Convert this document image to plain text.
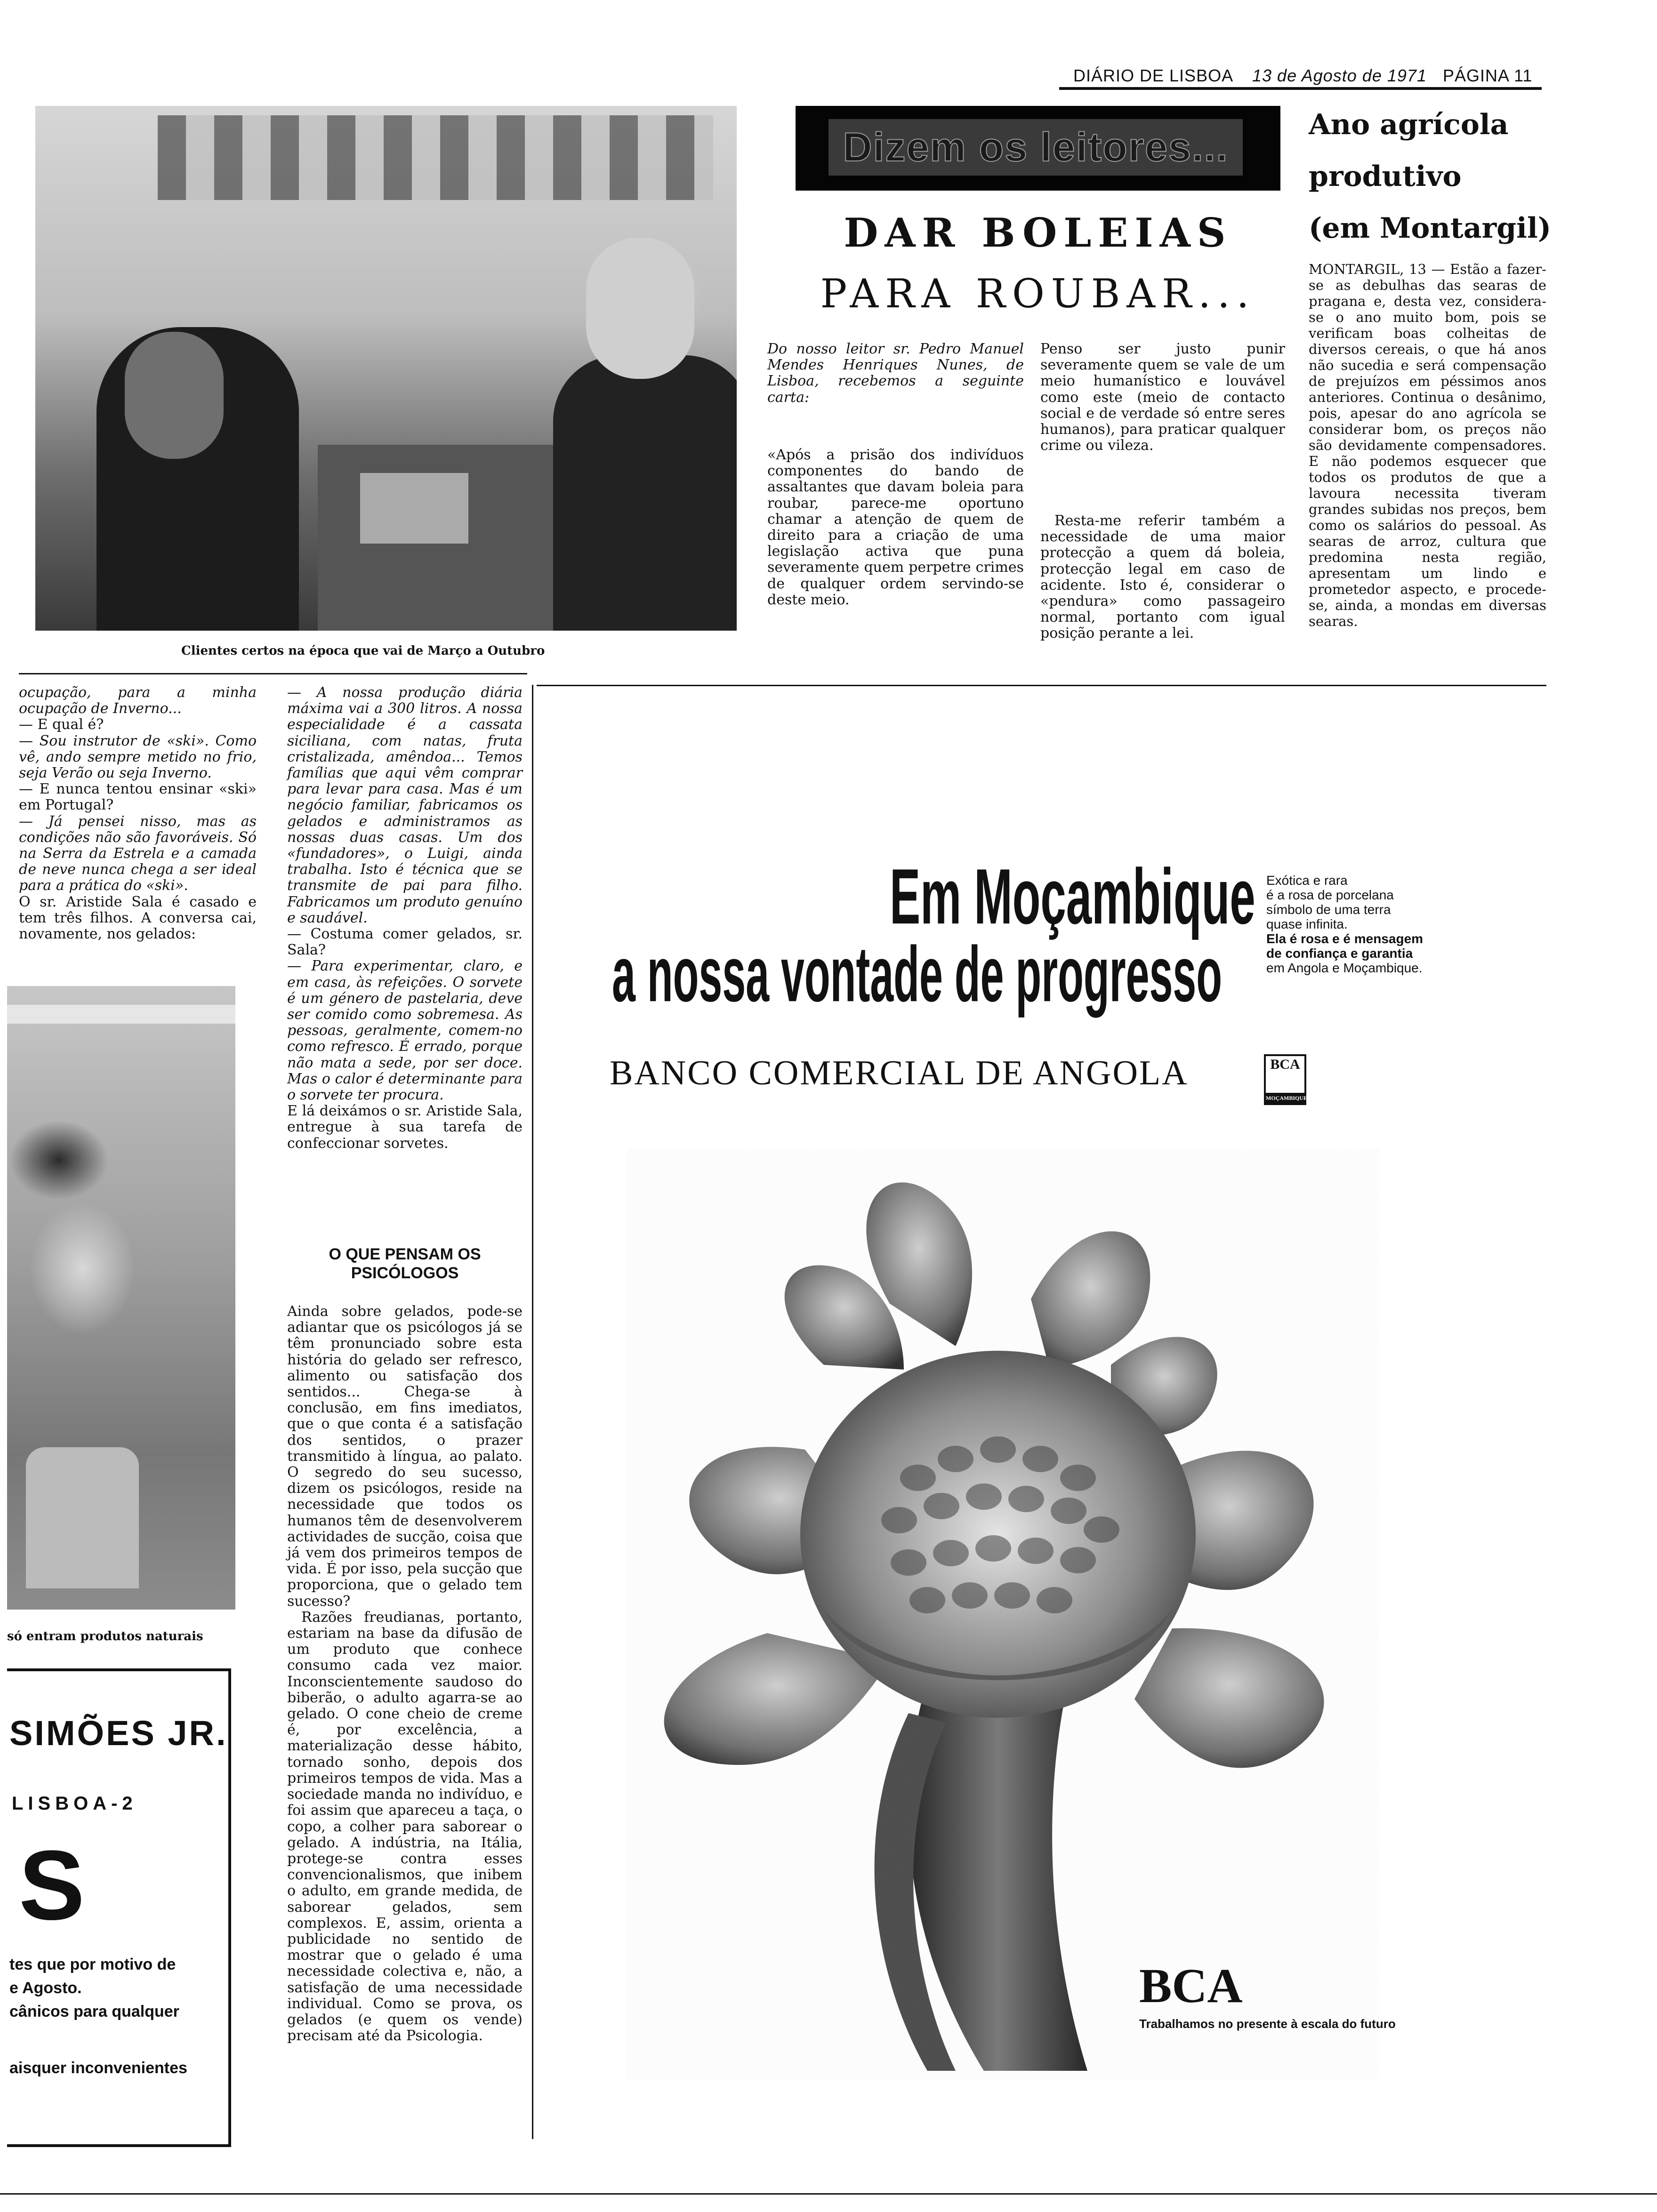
DIÁRIO DE LISBOA 13 de Agosto de 1971 PÁGINA 11
Clientes certos na época que vai de Março a Outubro

ocupação, para a minha ocupação de Inverno...

— E qual é?

— Sou instrutor de «ski». Como vê, ando sempre metido no frio, seja Verão ou seja Inverno.

— E nunca tentou ensinar «ski» em Portugal?

— Já pensei nisso, mas as condições não são favoráveis. Só na Serra da Estrela e a camada de neve nunca chega a ser ideal para a prática do «ski».

O sr. Aristide Sala é casado e tem três filhos. A conversa cai, novamente, nos gelados:

só entram produtos naturais

— A nossa produção diária máxima vai a 300 litros. A nossa especialidade é a cassata siciliana, com natas, fruta cristalizada, amêndoa... Temos famílias que aqui vêm comprar para levar para casa. Mas é um negócio familiar, fabricamos os gelados e administramos as nossas duas casas. Um dos «fundadores», o Luigi, ainda trabalha. Isto é técnica que se transmite de pai para filho. Fabricamos um produto genuíno e saudável.

— Costuma comer gelados, sr. Sala?

— Para experimentar, claro, e em casa, às refeições. O sorvete é um género de pastelaria, deve ser comido como sobremesa. As pessoas, geralmente, comem-no como refresco. É errado, porque não mata a sede, por ser doce. Mas o calor é determinante para o sorvete ter procura.

E lá deixámos o sr. Aristide Sala, entregue à sua tarefa de confeccionar sorvetes.

O QUE PENSAM OS PSICÓLOGOS

Ainda sobre gelados, pode-se adiantar que os psicólogos já se têm pronunciado sobre esta história do gelado ser refresco, alimento ou satisfação dos sentidos... Chega-se à conclusão, em fins imediatos, que o que conta é a satisfação dos sentidos, o prazer transmitido à língua, ao palato. O segredo do seu sucesso, dizem os psicólogos, reside na necessidade que todos os humanos têm de desenvolverem actividades de sucção, coisa que já vem dos primeiros tempos de vida. É por isso, pela sucção que proporciona, que o gelado tem sucesso?

Razões freudianas, portanto, estariam na base da difusão de um produto que conhece consumo cada vez maior. Inconscientemente saudoso do biberão, o adulto agarra-se ao gelado. O cone cheio de creme é, por excelência, a materialização desse hábito, tornado sonho, depois dos primeiros tempos de vida. Mas a sociedade manda no indivíduo, e foi assim que apareceu a taça, o copo, a colher para saborear o gelado. A indústria, na Itália, protege-se contra esses convencionalismos, que inibem o adulto, em grande medida, de saborear gelados, sem complexos. E, assim, orienta a publicidade no sentido de mostrar que o gelado é uma necessidade colectiva e, não, a satisfação de uma necessidade individual. Como se prova, os gelados (e quem os vende) precisam até da Psicologia.

Dizem os leitores...
DAR BOLEIAS
PARA ROUBAR...
Do nosso leitor sr. Pedro Manuel Mendes Henriques Nunes, de Lisboa, recebemos a seguinte carta:
«Após a prisão dos indivíduos componentes do bando de assaltantes que davam boleia para roubar, parece-me oportuno chamar a atenção de quem de direito para a criação de uma legislação activa que puna severamente quem perpetre crimes de qualquer ordem servindo-se deste meio.
Penso ser justo punir severamente quem se vale de um meio humanístico e louvável como este (meio de contacto social e de verdade só entre seres humanos), para praticar qualquer crime ou vileza.
Resta-me referir também a necessidade de uma maior protecção a quem dá boleia, protecção legal em caso de acidente. Isto é, considerar o «pendura» como passageiro normal, portanto com igual posição perante a lei.
Ano agrícola
produtivo
(em Montargil)
MONTARGIL, 13 — Estão a fazer-se as debulhas das searas de pragana e, desta vez, considera-se o ano muito bom, pois se verificam boas colheitas de diversos cereais, o que há anos não sucedia e será compensação de prejuízos em péssimos anos anteriores. Continua o desânimo, pois, apesar do ano agrícola se considerar bom, os preços não são devidamente compensadores. E não podemos esquecer que todos os produtos de que a lavoura necessita tiveram grandes subidas nos preços, bem como os salários do pessoal. As searas de arroz, cultura que predomina nesta região, apresentam um lindo e prometedor aspecto, e procede-se, ainda, a mondas em diversas searas.
Em Moçambique
a nossa vontade de progresso
Exótica e rara
é a rosa de porcelana
símbolo de uma terra
quase infinita.
Ela é rosa e é mensagem
de confiança e garantia
em Angola e Moçambique.
BANCO COMERCIAL DE ANGOLA	BCA
MOÇAMBIQUE
BCA
Trabalhamos no presente à escala do futuro
SIMÕES JR.
LISBOA-2
S
tes que por motivo de
e Agosto.
cânicos para qualquer
aisquer inconvenientes
